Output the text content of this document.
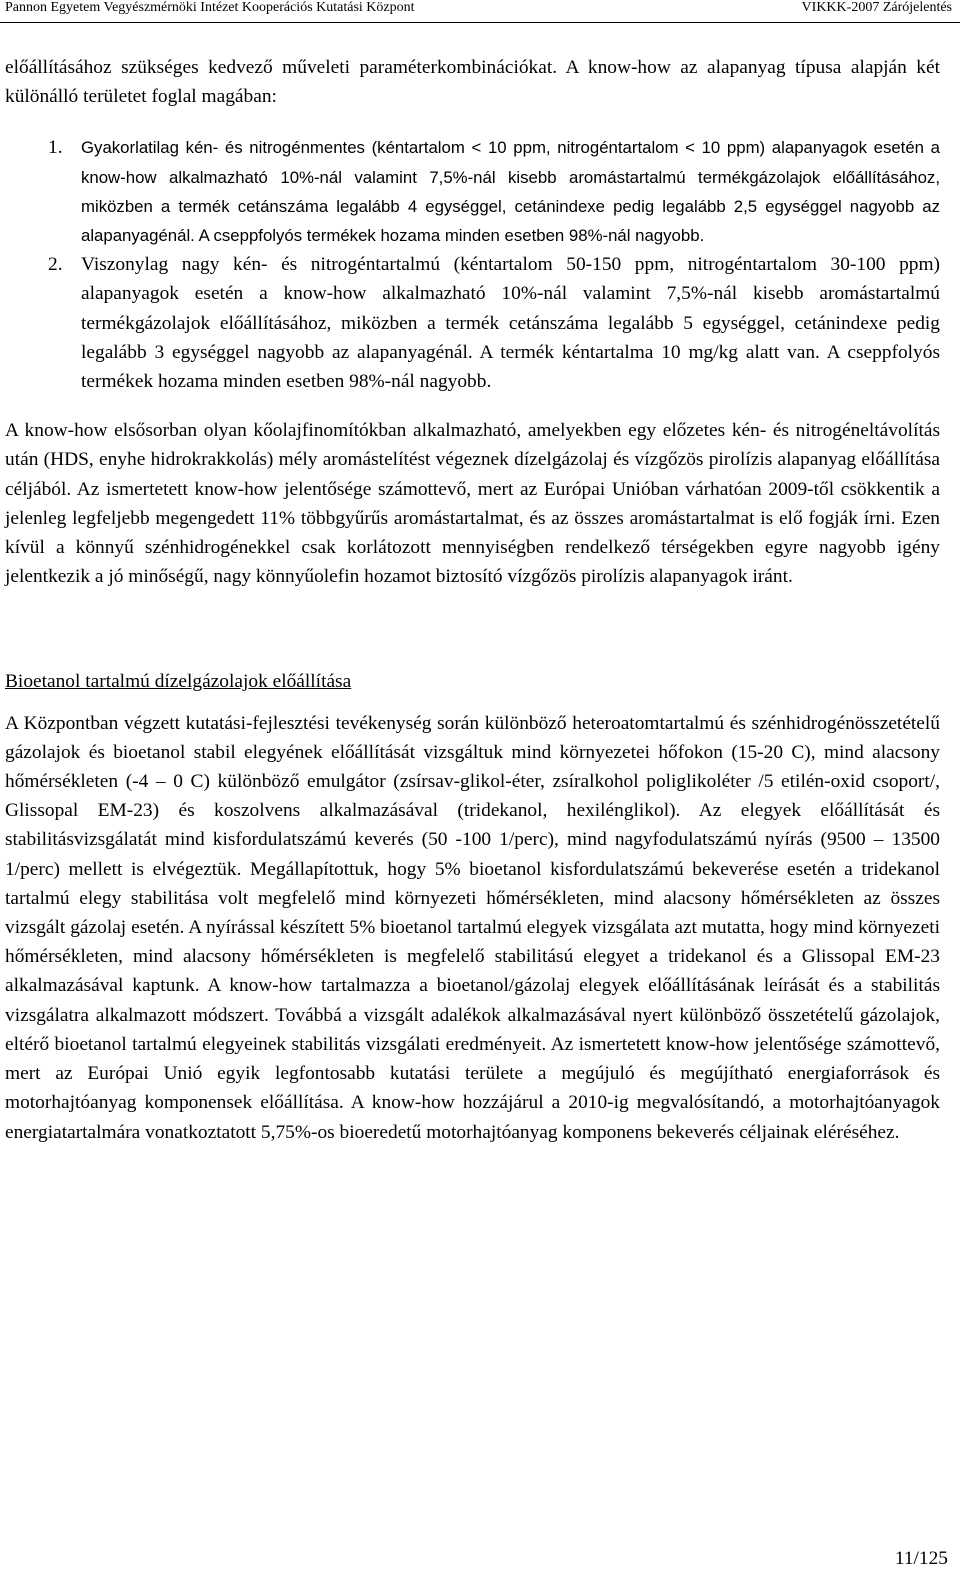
Pannon Egyetem Vegyészmérnöki Intézet Kooperációs Kutatási Központ	VIKKK-2007 Zárójelentés

előállításához szükséges kedvező műveleti paraméterkombinációkat. A know-how az alapanyag típusa alapján két különálló területet foglal magában:

1.	Gyakorlatilag kén- és nitrogénmentes (kéntartalom < 10 ppm, nitrogéntartalom < 10 ppm) alapanyagok esetén a know-how alkalmazható 10%-nál valamint 7,5%-nál kisebb aromástartalmú termékgázolajok előállításához, miközben a termék cetánszáma legalább 4 egységgel, cetánindexe pedig legalább 2,5 egységgel nagyobb az alapanyagénál. A cseppfolyós termékek hozama minden esetben 98%-nál nagyobb.
2. Viszonylag nagy kén- és nitrogéntartalmú (kéntartalom 50-150 ppm, nitrogéntartalom 30-100 ppm) alapanyagok esetén a know-how alkalmazható 10%-nál valamint 7,5%-nál kisebb aromástartalmú termékgázolajok előállításához, miközben a termék cetánszáma legalább 5 egységgel, cetánindexe pedig legalább 3 egységgel nagyobb az alapanyagénál. A termék kéntartalma 10 mg/kg alatt van. A cseppfolyós termékek hozama minden esetben 98%-nál nagyobb.

A know-how elsősorban olyan kőolajfinomítókban alkalmazható, amelyekben egy előzetes kén- és nitrogéneltávolítás után (HDS, enyhe hidrokrakkolás) mély aromástelítést végeznek dízelgázolaj és vízgőzös pirolízis alapanyag előállítása céljából. Az ismertetett know-how jelentősége számottevő, mert az Európai Unióban várhatóan 2009-től csökkentik a jelenleg legfeljebb megengedett 11% többgyűrűs aromástartalmat, és az összes aromástartalmat is elő fogják írni. Ezen kívül a könnyű szénhidrogénekkel csak korlátozott mennyiségben rendelkező térségekben egyre nagyobb igény jelentkezik a jó minőségű, nagy könnyűolefin hozamot biztosító vízgőzös pirolízis alapanyagok iránt.

Bioetanol tartalmú dízelgázolajok előállítása

A Központban végzett kutatási-fejlesztési tevékenység során különböző heteroatomtartalmú és szénhidrogénösszetételű gázolajok és bioetanol stabil elegyének előállítását vizsgáltuk mind környezetei hőfokon (15-20 C), mind alacsony hőmérsékleten (-4 – 0 C) különböző emulgátor (zsírsav-glikol-éter, zsíralkohol poliglikoléter /5 etilén-oxid csoport/, Glissopal EM-23) és koszolvens alkalmazásával (tridekanol, hexilénglikol). Az elegyek előállítását és stabilitásvizsgálatát mind kisfordulatszámú keverés (50 -100 1/perc), mind nagyfodulatszámú nyírás (9500 – 13500 1/perc) mellett is elvégeztük. Megállapítottuk, hogy 5% bioetanol kisfordulatszámú bekeverése esetén a tridekanol tartalmú elegy stabilitása volt megfelelő mind környezeti hőmérsékleten, mind alacsony hőmérsékleten az összes vizsgált gázolaj esetén. A nyírással készített 5% bioetanol tartalmú elegyek vizsgálata azt mutatta, hogy mind környezeti hőmérsékleten, mind alacsony hőmérsékleten is megfelelő stabilitású elegyet a tridekanol és a Glissopal EM-23 alkalmazásával kaptunk. A know-how tartalmazza a bioetanol/gázolaj elegyek előállításának leírását és a stabilitás vizsgálatra alkalmazott módszert. Továbbá a vizsgált adalékok alkalmazásával nyert különböző összetételű gázolajok, eltérő bioetanol tartalmú elegyeinek stabilitás vizsgálati eredményeit. Az ismertetett know-how jelentősége számottevő, mert az Európai Unió egyik legfontosabb kutatási területe a megújuló és megújítható energiaforrások és motorhajtóanyag komponensek előállítása. A know-how hozzájárul a 2010-ig megvalósítandó, a motorhajtóanyagok energiatartalmára vonatkoztatott 5,75%-os bioeredetű motorhajtóanyag komponens bekeverés céljainak eléréséhez.

11/125
